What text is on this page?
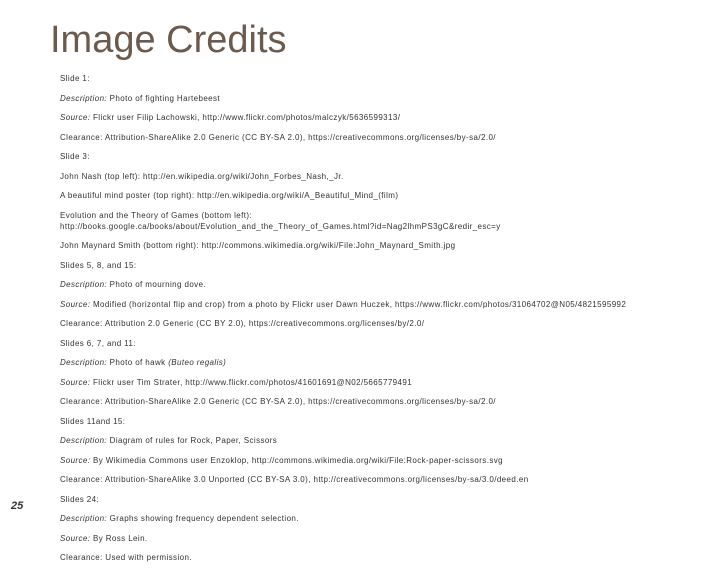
Image Credits
Slide 1:
Description: Photo of fighting Hartebeest
Source: Flickr user Filip Lachowski, http://www.flickr.com/photos/malczyk/5636599313/
Clearance: Attribution-ShareAlike 2.0 Generic (CC BY-SA 2.0), https://creativecommons.org/licenses/by-sa/2.0/
Slide 3:
John Nash (top left): http://en.wikipedia.org/wiki/John_Forbes_Nash,_Jr.
A beautiful mind poster (top right): http://en.wikipedia.org/wiki/A_Beautiful_Mind_(film)
Evolution and the Theory of Games (bottom left):
http://books.google.ca/books/about/Evolution_and_the_Theory_of_Games.html?id=Nag2lhmPS3gC&redir_esc=y
John Maynard Smith (bottom right): http://commons.wikimedia.org/wiki/File:John_Maynard_Smith.jpg
Slides 5, 8, and 15:
Description: Photo of mourning dove.
Source: Modified (horizontal flip and crop) from a photo by Flickr user Dawn Huczek, https://www.flickr.com/photos/31064702@N05/4821595992
Clearance: Attribution 2.0 Generic (CC BY 2.0), https://creativecommons.org/licenses/by/2.0/
Slides 6, 7, and 11:
Description: Photo of hawk (Buteo regalis)
Source: Flickr user Tim Strater, http://www.flickr.com/photos/41601691@N02/5665779491
Clearance: Attribution-ShareAlike 2.0 Generic (CC BY-SA 2.0), https://creativecommons.org/licenses/by-sa/2.0/
Slides 11and 15:
Description: Diagram of rules for Rock, Paper, Scissors
Source: By Wikimedia Commons user Enzoklop, http://commons.wikimedia.org/wiki/File:Rock-paper-scissors.svg
Clearance: Attribution-ShareAlike 3.0 Unported (CC BY-SA 3.0), http://creativecommons.org/licenses/by-sa/3.0/deed.en
Slides 24:
Description: Graphs showing frequency dependent selection.
Source: By Ross Lein.
Clearance: Used with permission.
25
